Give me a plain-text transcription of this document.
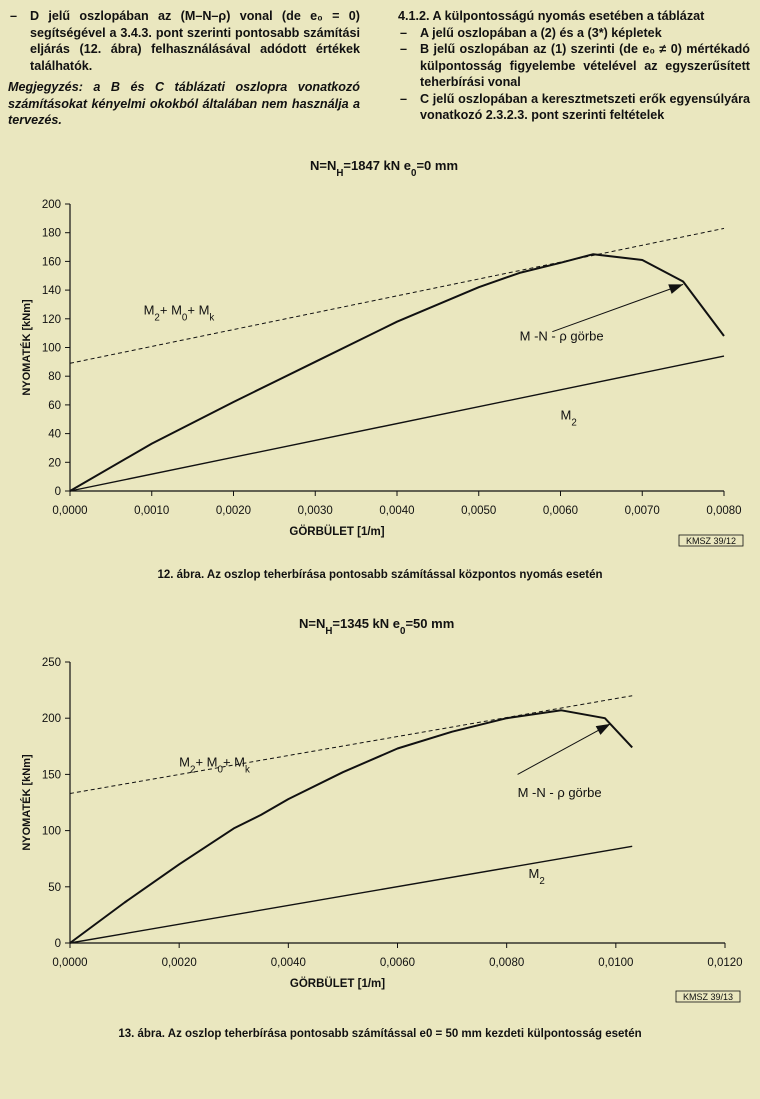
–	D jelű oszlopában az (M–N–ρ) vonal (de e₀ = 0) segítségével a 3.4.3. pont szerinti pontosabb számítási eljárás (12. ábra) felhasználásával adódott értékek találhatók.

Megjegyzés: a B és C táblázati oszlopra vonatkozó számításokat kényelmi okokból általában nem használja a tervezés.

4.1.2. A külpontosságú nyomás esetében a táblázat

–	A jelű oszlopában a (2) és a (3*) képletek

–	B jelű oszlopában az (1) szerinti (de e₀ ≠ 0) mértékadó külpontosság figyelembe vételével az egyszerűsített teherbírási vonal

–	C jelű oszlopában a keresztmetszeti erők egyensúlyára vonatkozó 2.3.2.3. pont szerinti feltételek

$N=N_H=1847$ kN $e_0=0$ mm
0
20
40
60
80
100
120
140
160
180
200
0,0000	0,0010	0,0020	0,0030	0,0040	0,0050	0,0060	0,0070	0,0080
GÖRBÜLET [1/m]
NYOMATÉK [kNm]	$M_2+ M_0+ M_k$
M -N - ρ görbe
$M_2$
KMSZ 39/12
12. ábra. Az oszlop teherbírása pontosabb számítással központos nyomás esetén
$N=N_H=1345$ kN $e_0=50$ mm
0
50
100
150
200
250
0,0000	0,0020	0,0040	0,0060	0,0080	0,0100	0,0120
GÖRBÜLET [1/m]
NYOMATÉK [kNm]	$M_2+ M_0+ M_k$
M -N - ρ görbe
$M_2$
KMSZ 39/13
13. ábra. Az oszlop teherbírása pontosabb számítással e0 = 50 mm kezdeti külpontosság esetén
